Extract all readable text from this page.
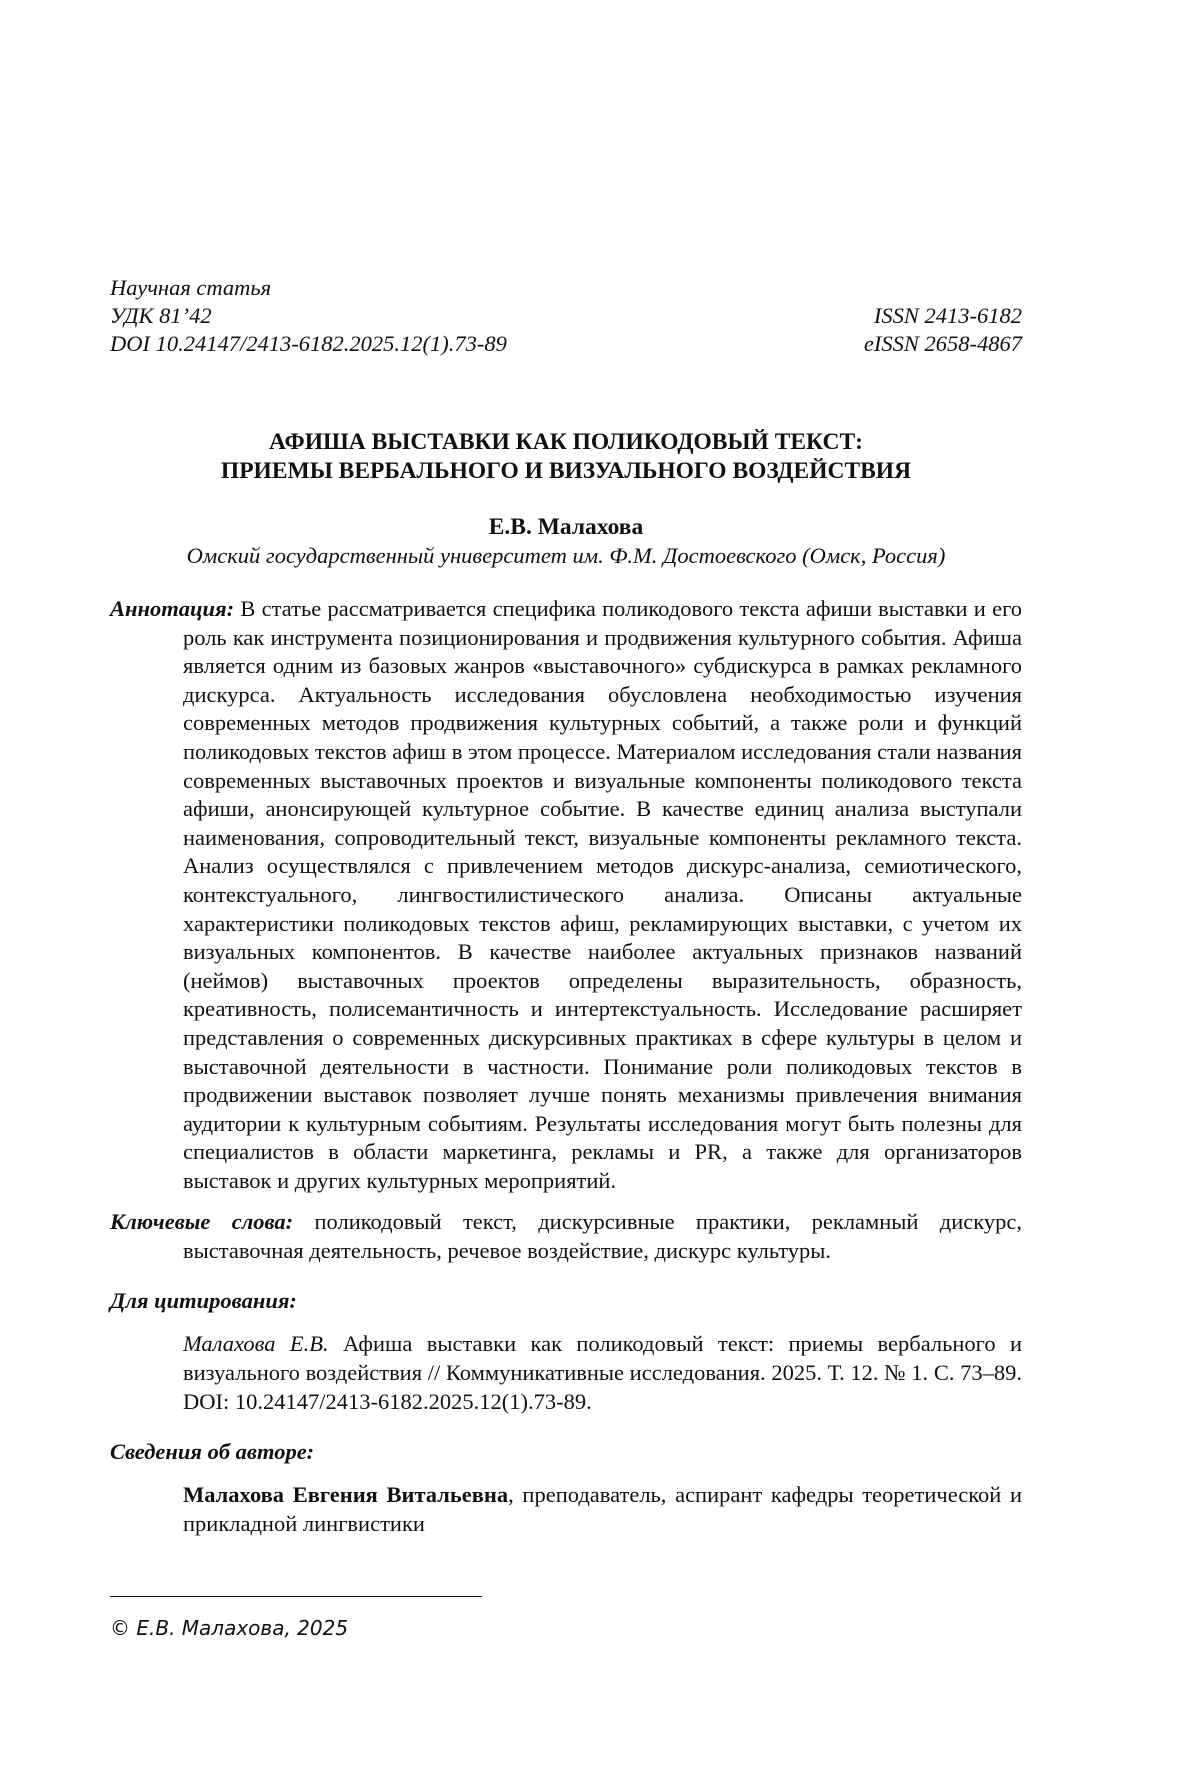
Научная статья
УДК 81’42	ISSN 2413-6182
DOI 10.24147/2413-6182.2025.12(1).73-89	eISSN 2658-4867
АФИША ВЫСТАВКИ КАК ПОЛИКОДОВЫЙ ТЕКСТ:
ПРИЕМЫ ВЕРБАЛЬНОГО И ВИЗУАЛЬНОГО ВОЗДЕЙСТВИЯ
Е.В. Малахова
Омский государственный университет им. Ф.М. Достоевского (Омск, Россия)
Аннотация: В статье рассматривается специфика поликодового текста афиши выставки и его роль как инструмента позиционирования и продвижения культурного события. Афиша является одним из базовых жанров «выставочного» субдискурса в рамках рекламного дискурса. Актуальность исследования обусловлена необходимостью изучения современных методов продвижения культурных событий, а также роли и функций поликодовых текстов афиш в этом процессе. Материалом исследования стали названия современных выставочных проектов и визуальные компоненты поликодового текста афиши, анонсирующей культурное событие. В качестве единиц анализа выступали наименования, сопроводительный текст, визуальные компоненты рекламного текста. Анализ осуществлялся с привлечением методов дискурс-анализа, семиотического, контекстуального, лингвостилистического анализа. Описаны актуальные характеристики поликодовых текстов афиш, рекламирующих выставки, с учетом их визуальных компонентов. В качестве наиболее актуальных признаков названий (неймов) выставочных проектов определены выразительность, образность, креативность, полисемантичность и интертекстуальность. Исследование расширяет представления о современных дискурсивных практиках в сфере культуры в целом и выставочной деятельности в частности. Понимание роли поликодовых текстов в продвижении выставок позволяет лучше понять механизмы привлечения внимания аудитории к культурным событиям. Результаты исследования могут быть полезны для специалистов в области маркетинга, рекламы и PR, а также для организаторов выставок и других культурных мероприятий.
Ключевые слова: поликодовый текст, дискурсивные практики, рекламный дискурс, выставочная деятельность, речевое воздействие, дискурс культуры.
Для цитирования:
Малахова Е.В. Афиша выставки как поликодовый текст: приемы вербального и визуального воздействия // Коммуникативные исследования. 2025. Т. 12. № 1. С. 73–89. DOI: 10.24147/2413-6182.2025.12(1).73-89.
Сведения об авторе:
Малахова Евгения Витальевна, преподаватель, аспирант кафедры теоретической и прикладной лингвистики
© Е.В. Малахова, 2025
